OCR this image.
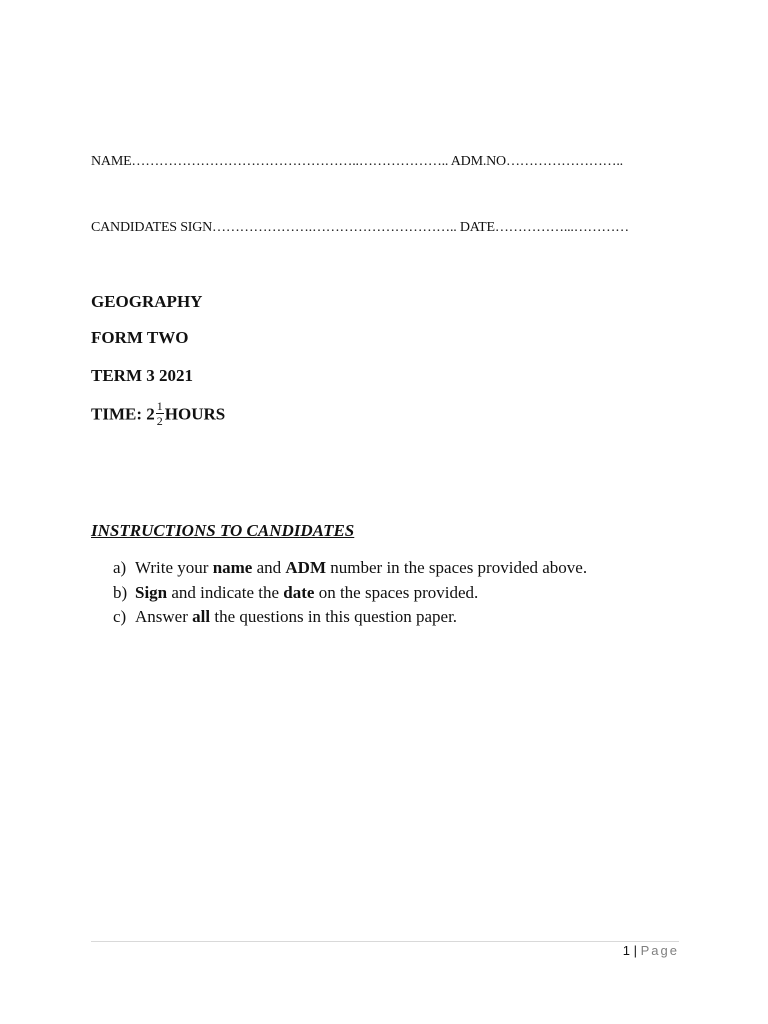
NAME…………………………………………..……………….. ADM.NO……………………..
CANDIDATES SIGN………………….………………………….. DATE……………...…………
GEOGRAPHY
FORM TWO
TERM 3 2021
TIME: $2 \frac{1}{2}$ HOURS
INSTRUCTIONS TO CANDIDATES
a) Write your name and ADM number in the spaces provided above.
b) Sign and indicate the date on the spaces provided.
c) Answer all the questions in this question paper.
1 | Page
